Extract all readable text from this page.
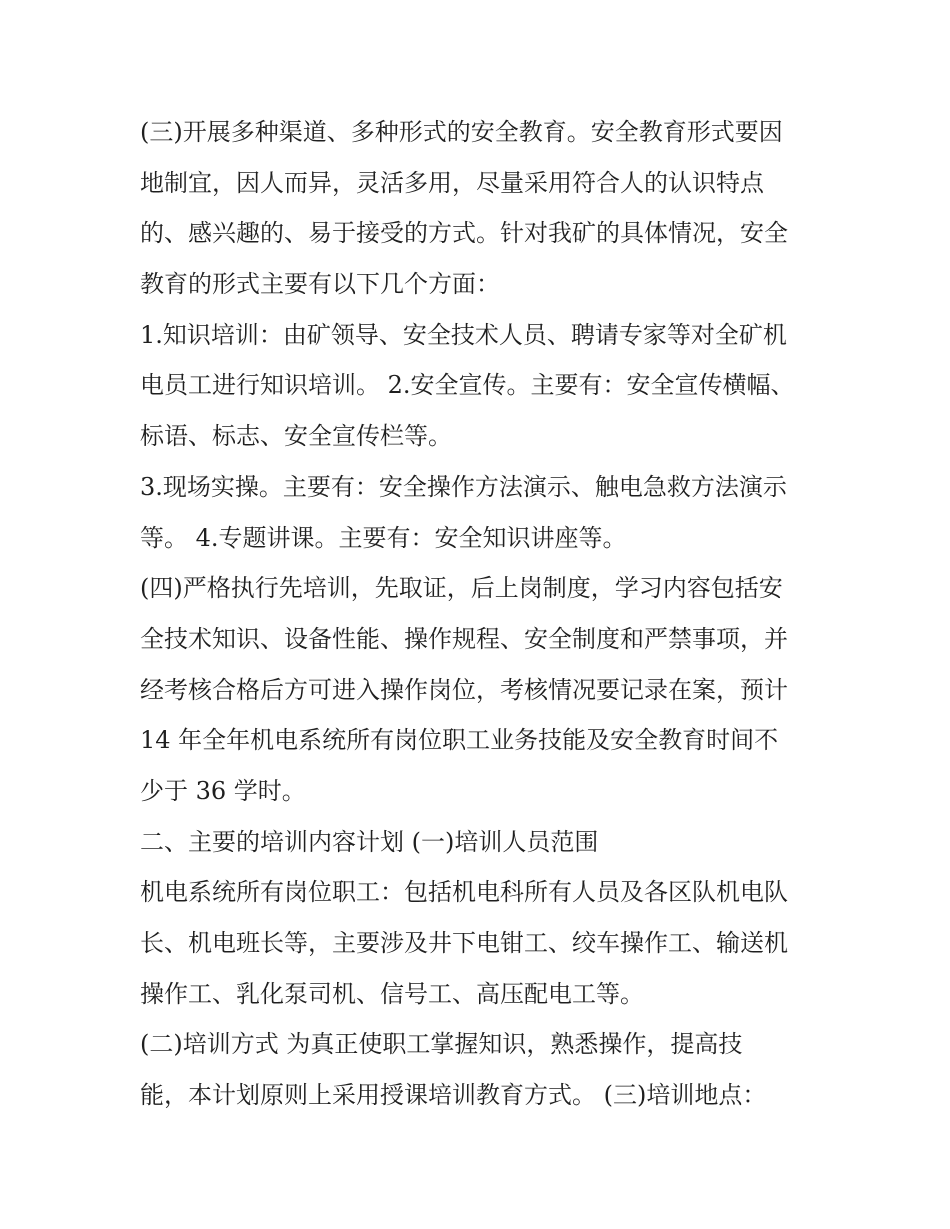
(三)开展多种渠道、多种形式的安全教育。安全教育形式要因

地制宜，因人而异，灵活多用，尽量采用符合人的认识特点

的、感兴趣的、易于接受的方式。针对我矿的具体情况，安全

教育的形式主要有以下几个方面：

1.知识培训：由矿领导、安全技术人员、聘请专家等对全矿机

电员工进行知识培训。 2.安全宣传。主要有：安全宣传横幅、

标语、标志、安全宣传栏等。

3.现场实操。主要有：安全操作方法演示、触电急救方法演示

等。 4.专题讲课。主要有：安全知识讲座等。

(四)严格执行先培训，先取证，后上岗制度，学习内容包括安

全技术知识、设备性能、操作规程、安全制度和严禁事项，并

经考核合格后方可进入操作岗位，考核情况要记录在案，预计

14 年全年机电系统所有岗位职工业务技能及安全教育时间不

少于 36 学时。

二、主要的培训内容计划 (一)培训人员范围

机电系统所有岗位职工：包括机电科所有人员及各区队机电队

长、机电班长等，主要涉及井下电钳工、绞车操作工、输送机

操作工、乳化泵司机、信号工、高压配电工等。

(二)培训方式 为真正使职工掌握知识，熟悉操作，提高技

能，本计划原则上采用授课培训教育方式。 (三)培训地点：
